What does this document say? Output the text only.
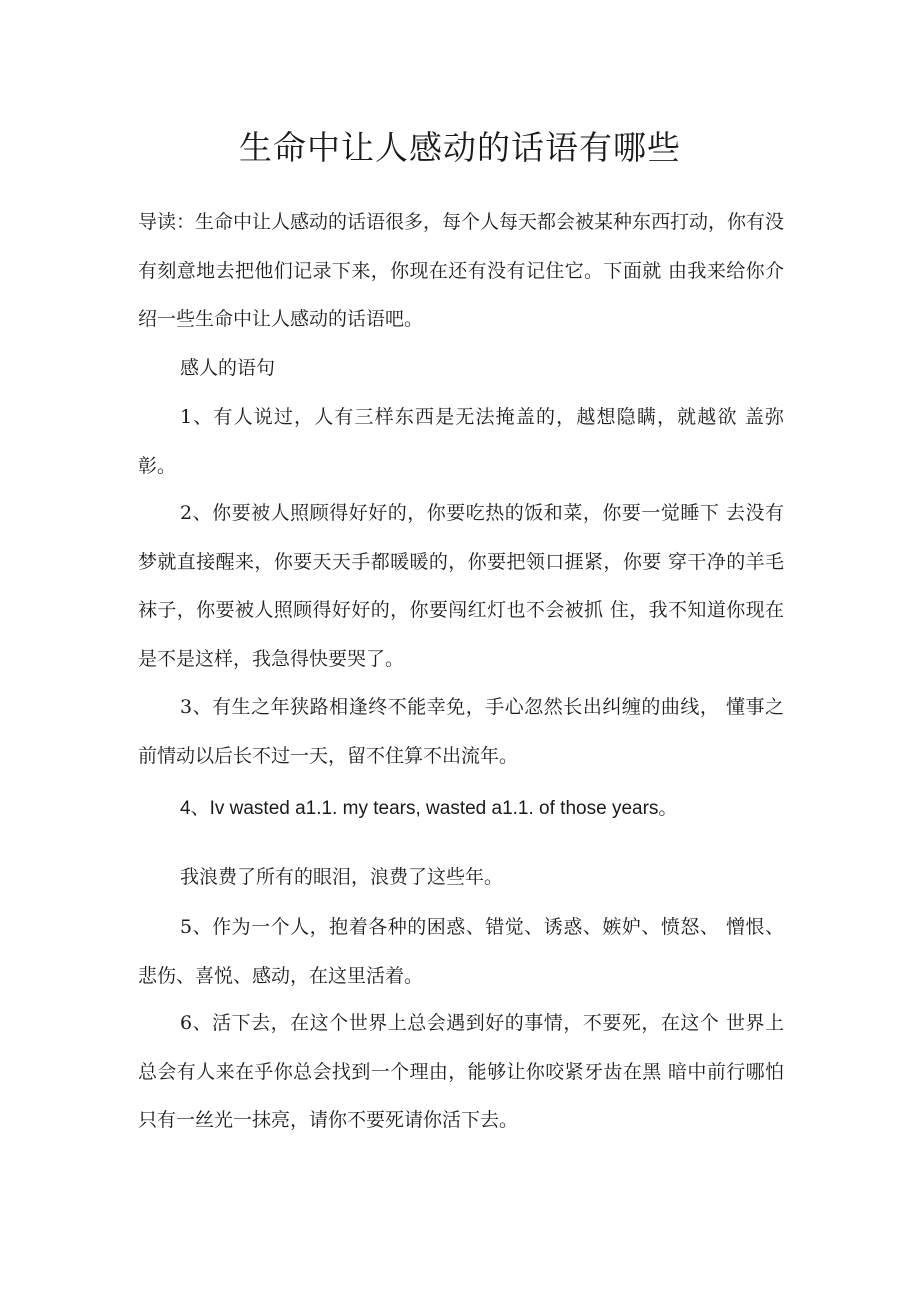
生命中让人感动的话语有哪些

导读：生命中让人感动的话语很多，每个人每天都会被某种东西打动，你有没有刻意地去把他们记录下来，你现在还有没有记住它。下面就 由我来给你介绍一些生命中让人感动的话语吧。

感人的语句

1、有人说过，人有三样东西是无法掩盖的，越想隐瞒，就越欲 盖弥彰。

2、你要被人照顾得好好的，你要吃热的饭和菜，你要一觉睡下 去没有梦就直接醒来，你要天天手都暖暖的，你要把领口捱紧，你要 穿干净的羊毛袜子，你要被人照顾得好好的，你要闯红灯也不会被抓 住，我不知道你现在是不是这样，我急得快要哭了。

3、有生之年狭路相逢终不能幸免，手心忽然长出纠缠的曲线， 懂事之前情动以后长不过一天，留不住算不出流年。

4、Iv wasted a1.1. my tears, wasted a1.1. of those years。

我浪费了所有的眼泪，浪费了这些年。

5、作为一个人，抱着各种的困惑、错觉、诱惑、嫉妒、愤怒、 憎恨、悲伤、喜悦、感动，在这里活着。

6、活下去，在这个世界上总会遇到好的事情，不要死，在这个 世界上总会有人来在乎你总会找到一个理由，能够让你咬紧牙齿在黑 暗中前行哪怕只有一丝光一抹亮，请你不要死请你活下去。
